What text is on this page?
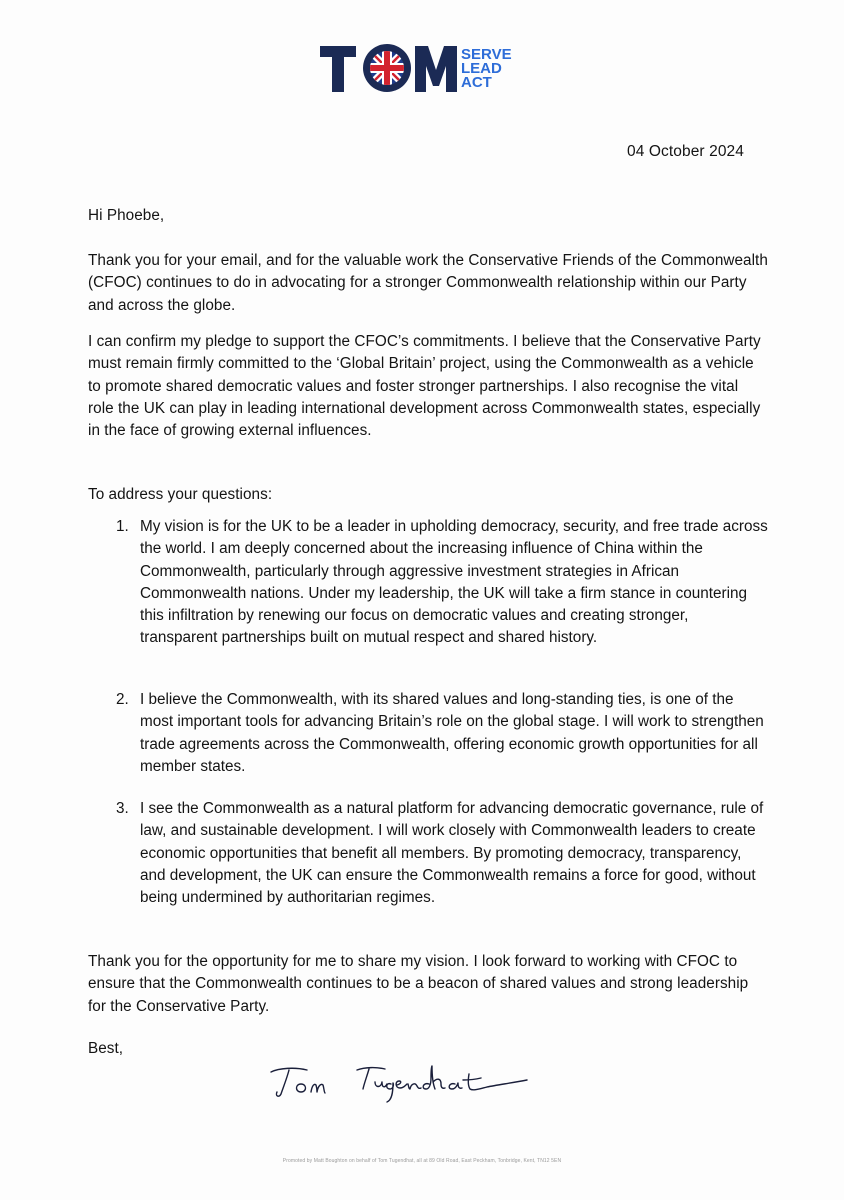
SERVE
LEAD
ACT
04 October 2024
Hi Phoebe,
Thank you for your email, and for the valuable work the Conservative Friends of the Commonwealth (CFOC) continues to do in advocating for a stronger Commonwealth relationship within our Party and across the globe.
I can confirm my pledge to support the CFOC’s commitments. I believe that the Conservative Party must remain firmly committed to the ‘Global Britain’ project, using the Commonwealth as a vehicle to promote shared democratic values and foster stronger partnerships. I also recognise the vital role the UK can play in leading international development across Commonwealth states, especially in the face of growing external influences.
To address your questions:
1. My vision is for the UK to be a leader in upholding democracy, security, and free trade across the world. I am deeply concerned about the increasing influence of China within the Commonwealth, particularly through aggressive investment strategies in African Commonwealth nations. Under my leadership, the UK will take a firm stance in countering this infiltration by renewing our focus on democratic values and creating stronger, transparent partnerships built on mutual respect and shared history.
2. I believe the Commonwealth, with its shared values and long-standing ties, is one of the most important tools for advancing Britain’s role on the global stage. I will work to strengthen trade agreements across the Commonwealth, offering economic growth opportunities for all member states.
3. I see the Commonwealth as a natural platform for advancing democratic governance, rule of law, and sustainable development. I will work closely with Commonwealth leaders to create economic opportunities that benefit all members. By promoting democracy, transparency, and development, the UK can ensure the Commonwealth remains a force for good, without being undermined by authoritarian regimes.
Thank you for the opportunity for me to share my vision. I look forward to working with CFOC to ensure that the Commonwealth continues to be a beacon of shared values and strong leadership for the Conservative Party.
Best,
Promoted by Matt Boughton on behalf of Tom Tugendhat, all at 89 Old Road, East Peckham, Tonbridge, Kent, TN12 5EN
